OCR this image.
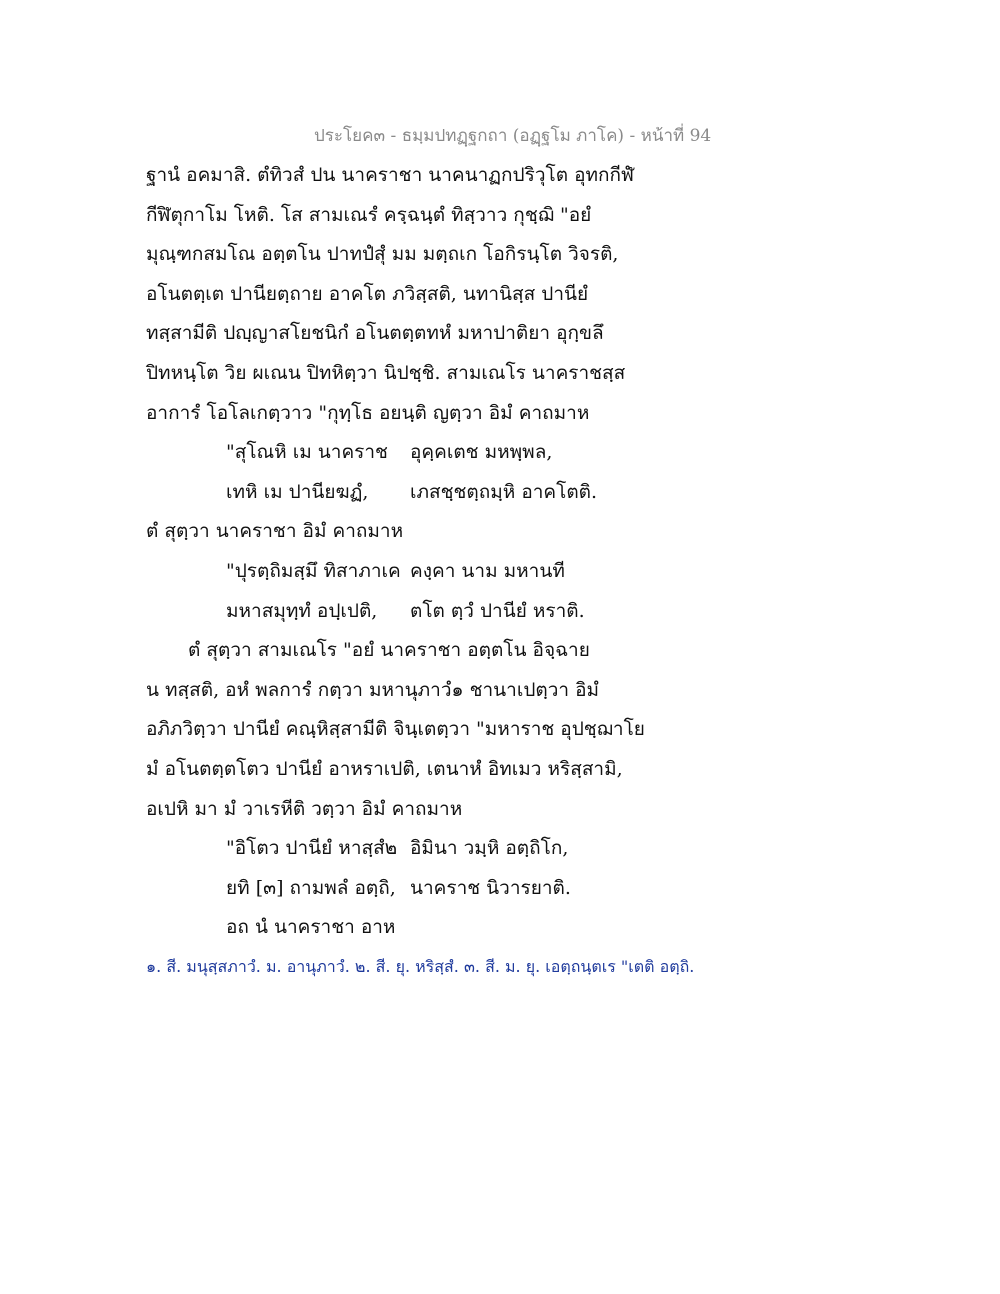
ประโยค๓ - ธมฺมปทฏฺฐกถา (อฏฺฐโม ภาโค) - หน้าที่ 94
ฐานํ อคมาสิ. ตํทิวสํ ปน นาคราชา นาคนาฏกปริวุโต อุทกกีฬํ
กีฬิตุกาโม โหติ. โส สามเณรํ ครฺฉนฺตํ ทิสฺวาว กุชฺฌิ "อยํ
มุณฺฑกสมโณ อตฺตโน ปาทปํสุํ มม มตฺถเก โอกิรนฺโต วิจรติ,
อโนตตฺเต ปานียตฺถาย อาคโต ภวิสฺสติ, นทานิสฺส ปานียํ
ทสฺสามีติ ปญฺญาสโยชนิกํ อโนตตฺตทหํ มหาปาติยา อุกฺขลึ
ปิทหนฺโต วิย ผเณน ปิทหิตฺวา นิปชฺชิ. สามเณโร นาคราชสฺส
อาการํ โอโลเกตฺวาว "กุทฺโธ อยนฺติ ญตฺวา อิมํ คาถมาห
"สุโณหิ เม นาคราช อุคฺคเตช มหพฺพล,
เทหิ เม ปานียฆฏํ, เภสชฺชตฺถมฺหิ อาคโตติ.
ตํ สุตฺวา นาคราชา อิมํ คาถมาห
"ปุรตฺถิมสฺมึ ทิสาภาเค คงฺคา นาม มหานที
มหาสมุทฺทํ อปฺเปติ, ตโต ตฺวํ ปานียํ หราติ.
ตํ สุตฺวา สามเณโร "อยํ นาคราชา อตฺตโน อิจฺฉาย
น ทสฺสติ, อหํ พลการํ กตฺวา มหานุภาวํ๑ ชานาเปตฺวา อิมํ
อภิภวิตฺวา ปานียํ คณฺหิสฺสามีติ จินฺเตตฺวา "มหาราช อุปชฺฌาโย
มํ อโนตตฺตโตว ปานียํ อาหราเปติ, เตนาหํ อิทเมว หริสฺสามิ,
อเปหิ มา มํ วาเรหีติ วตฺวา อิมํ คาถมาห
"อิโตว ปานียํ หาสฺสํ๒ อิมินา วมฺหิ อตฺถิโก,
ยทิ [๓] ถามพลํ อตฺถิ, นาคราช นิวารยาติ.
อถ นํ นาคราชา อาห
๑. สี. มนุสฺสภาวํ. ม. อานุภาวํ. ๒. สี. ยุ. หริสฺสํ. ๓. สี. ม. ยุ. เอตฺถนฺตเร "เตติ อตฺถิ.
